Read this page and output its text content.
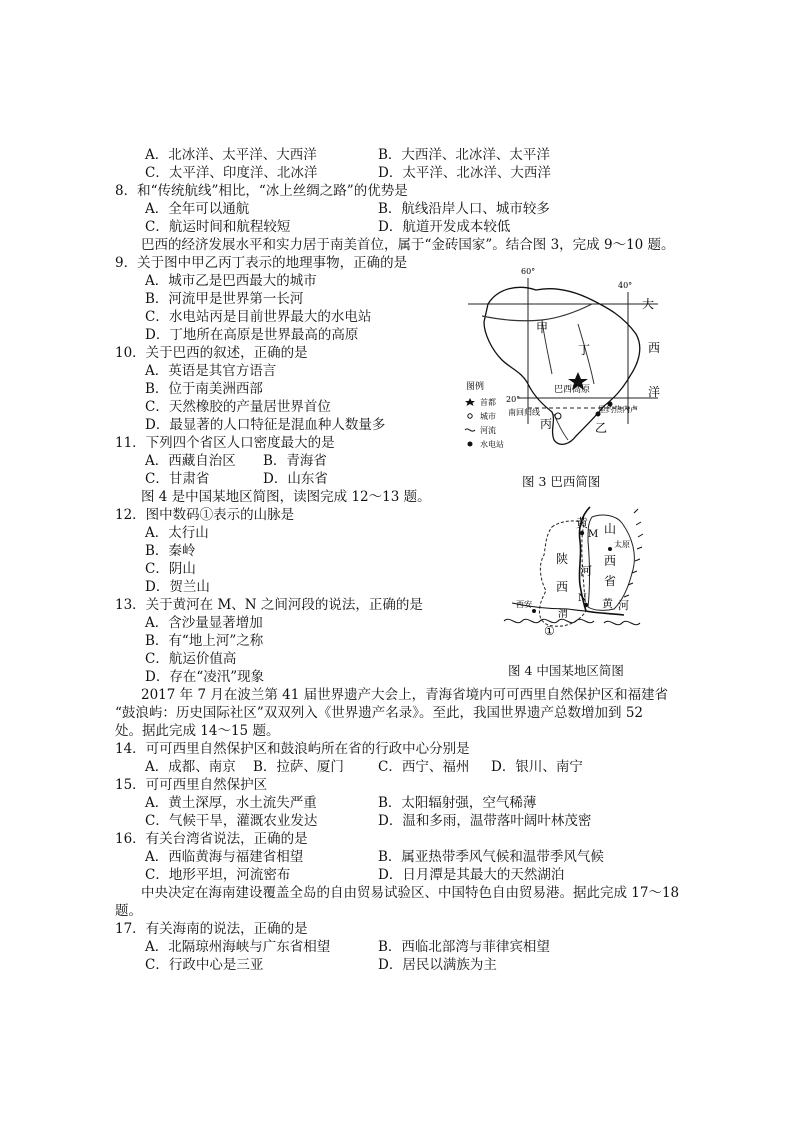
A．北冰洋、太平洋、大西洋	B．大西洋、北冰洋、太平洋
C．太平洋、印度洋、北冰洋	D．太平洋、北冰洋、大西洋
8．和“传统航线”相比，“冰上丝绸之路”的优势是
A．全年可以通航	B．航线沿岸人口、城市较多
C．航运时间和航程较短	D．航道开发成本较低
巴西的经济发展水平和实力居于南美首位，属于“金砖国家”。结合图 3，完成 9～10 题。
9．关于图中甲乙丙丁表示的地理事物，正确的是
A．城市乙是巴西最大的城市
B．河流甲是世界第一长河
C．水电站丙是目前世界最大的水电站
D．丁地所在高原是世界最高的高原
10．关于巴西的叙述，正确的是
A．英语是其官方语言
B．位于南美洲西部
C．天然橡胶的产量居世界首位
D．最显著的人口特征是混血种人数量多
11．下列四个省区人口密度最大的是
A．西藏自治区 B．青海省
C．甘肃省	D．山东省
图 4 是中国某地区简图，读图完成 12～13 题。
12．图中数码①表示的山脉是
A．太行山
B．秦岭
C．阴山
D．贺兰山
13．关于黄河在 M、N 之间河段的说法，正确的是
A．含沙量显著增加
B．有“地上河”之称
C．航运价值高
D．存在“凌汛”现象
2017 年 7 月在波兰第 41 届世界遗产大会上，青海省境内可可西里自然保护区和福建省
“鼓浪屿：历史国际社区”双双列入《世界遗产名录》。至此，我国世界遗产总数增加到 52
处。据此完成 14～15 题。
14．可可西里自然保护区和鼓浪屿所在省的行政中心分别是
A．成都、南京 B．拉萨、厦门	C．西宁、福州 D．银川、南宁
15．可可西里自然保护区
A．黄土深厚，水土流失严重	B．太阳辐射强，空气稀薄
C．气候干旱，灌溉农业发达	D．温和多雨，温带落叶阔叶林茂密
16．有关台湾省说法，正确的是
A．西临黄海与福建省相望	B．属亚热带季风气候和温带季风气候
C．地形平坦，河流密布	D．日月潭是其最大的天然湖泊
中央决定在海南建设覆盖全岛的自由贸易试验区、中国特色自由贸易港。据此完成 17～18
题。
17．有关海南的说法，正确的是
A．北隔琼州海峡与广东省相望	B．西临北部湾与菲律宾相望
C．行政中心是三亚	D．居民以满族为主
60°
40°
20°
甲
乙
丙
丁
大
西
洋
巴西高原
南回归线	里约热内卢
图例
首都
城市
河流
水电站
图 3 巴西简图
陕
西
山
西
省
黄
河
黄 河
渭
M
N
①
西安
太原
图 4 中国某地区简图
